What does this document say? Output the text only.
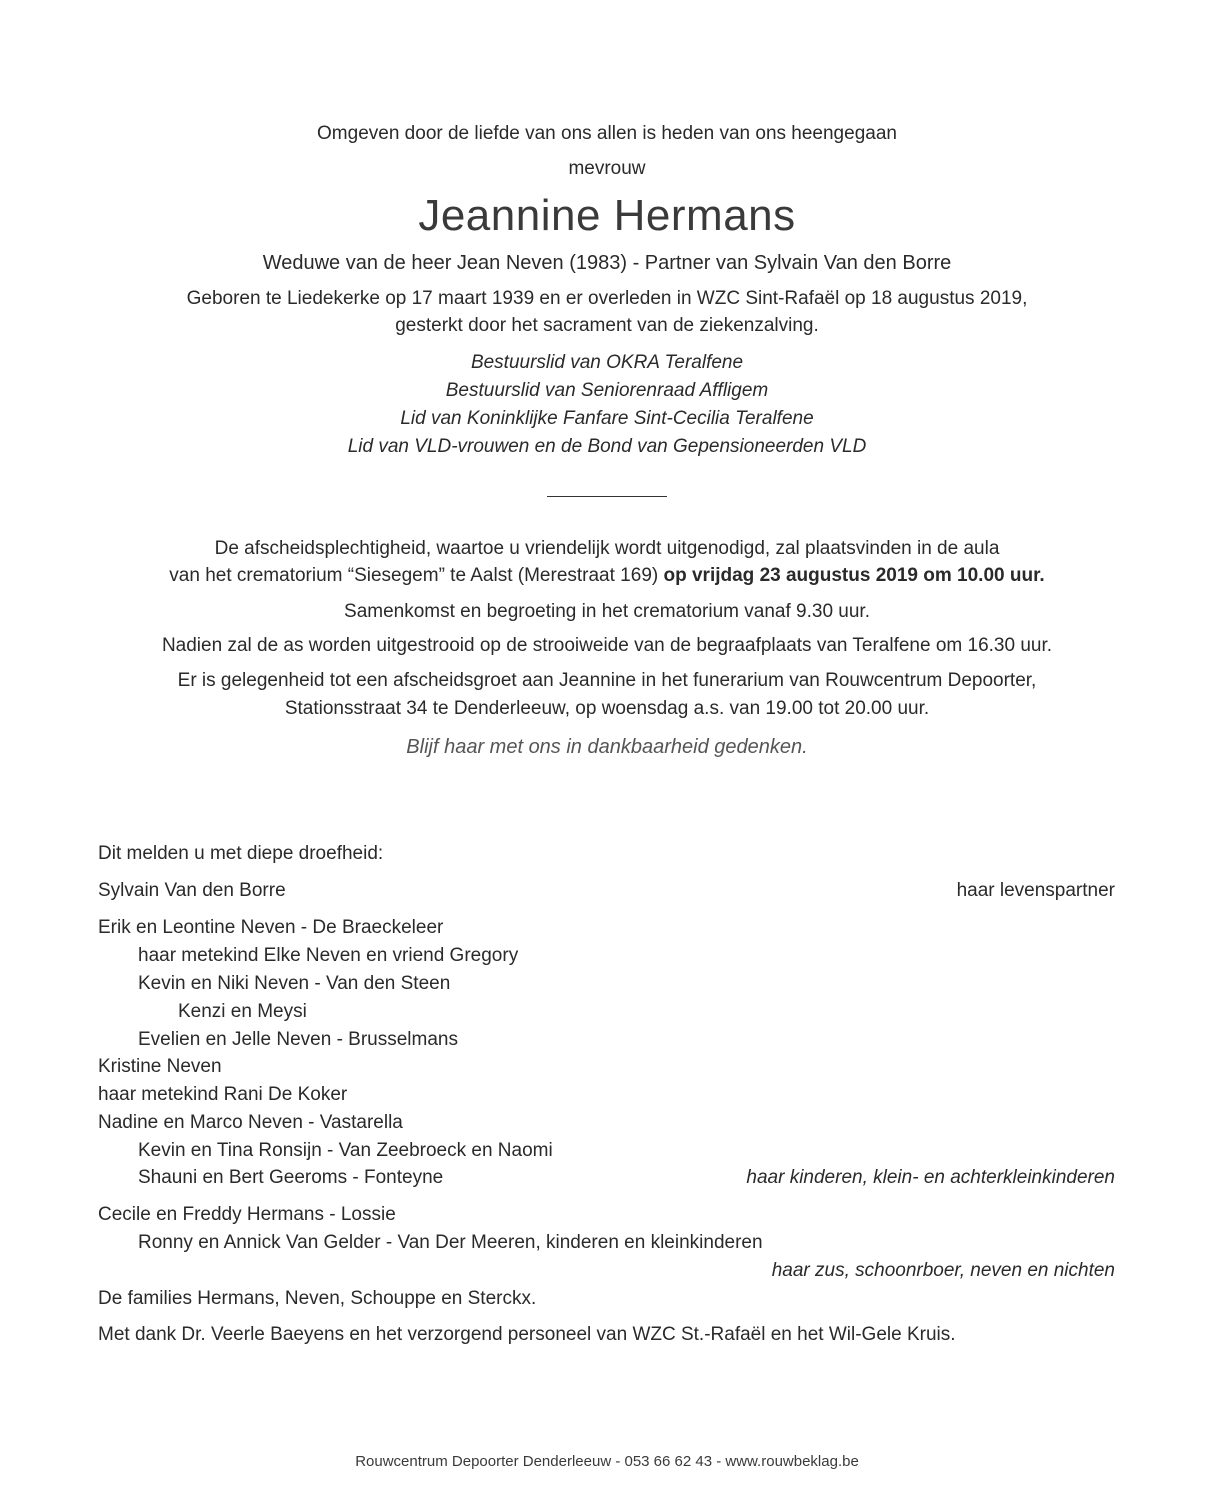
Omgeven door de liefde van ons allen is heden van ons heengegaan
mevrouw
Jeannine Hermans
Weduwe van de heer Jean Neven (1983) - Partner van Sylvain Van den Borre
Geboren te Liedekerke op 17 maart 1939 en er overleden in WZC Sint-Rafaël op 18 augustus 2019,
gesterkt door het sacrament van de ziekenzalving.
Bestuurslid van OKRA Teralfene
Bestuurslid van Seniorenraad Affligem
Lid van Koninklijke Fanfare Sint-Cecilia Teralfene
Lid van VLD-vrouwen en de Bond van Gepensioneerden VLD
De afscheidsplechtigheid, waartoe u vriendelijk wordt uitgenodigd, zal plaatsvinden in de aula
van het crematorium “Siesegem” te Aalst (Merestraat 169) op vrijdag 23 augustus 2019 om 10.00 uur.
Samenkomst en begroeting in het crematorium vanaf 9.30 uur.
Nadien zal de as worden uitgestrooid op de strooiweide van de begraafplaats van Teralfene om 16.30 uur.
Er is gelegenheid tot een afscheidsgroet aan Jeannine in het funerarium van Rouwcentrum Depoorter,
Stationsstraat 34 te Denderleeuw, op woensdag a.s. van 19.00 tot 20.00 uur.
Blijf haar met ons in dankbaarheid gedenken.
Dit melden u met diepe droefheid:
Sylvain Van den Borre	haar levenspartner
Erik en Leontine Neven - De Braeckeleer
haar metekind Elke Neven en vriend Gregory
Kevin en Niki Neven - Van den Steen
Kenzi en Meysi
Evelien en Jelle Neven - Brusselmans
Kristine Neven
haar metekind Rani De Koker
Nadine en Marco Neven - Vastarella
Kevin en Tina Ronsijn - Van Zeebroeck en Naomi
Shauni en Bert Geeroms - Fonteyne	haar kinderen, klein- en achterkleinkinderen
Cecile en Freddy Hermans - Lossie
Ronny en Annick Van Gelder - Van Der Meeren, kinderen en kleinkinderen
haar zus, schoonrboer, neven en nichten
De families Hermans, Neven, Schouppe en Sterckx.
Met dank Dr. Veerle Baeyens en het verzorgend personeel van WZC St.-Rafaël en het Wil-Gele Kruis.
Rouwcentrum Depoorter Denderleeuw - 053 66 62 43 - www.rouwbeklag.be
